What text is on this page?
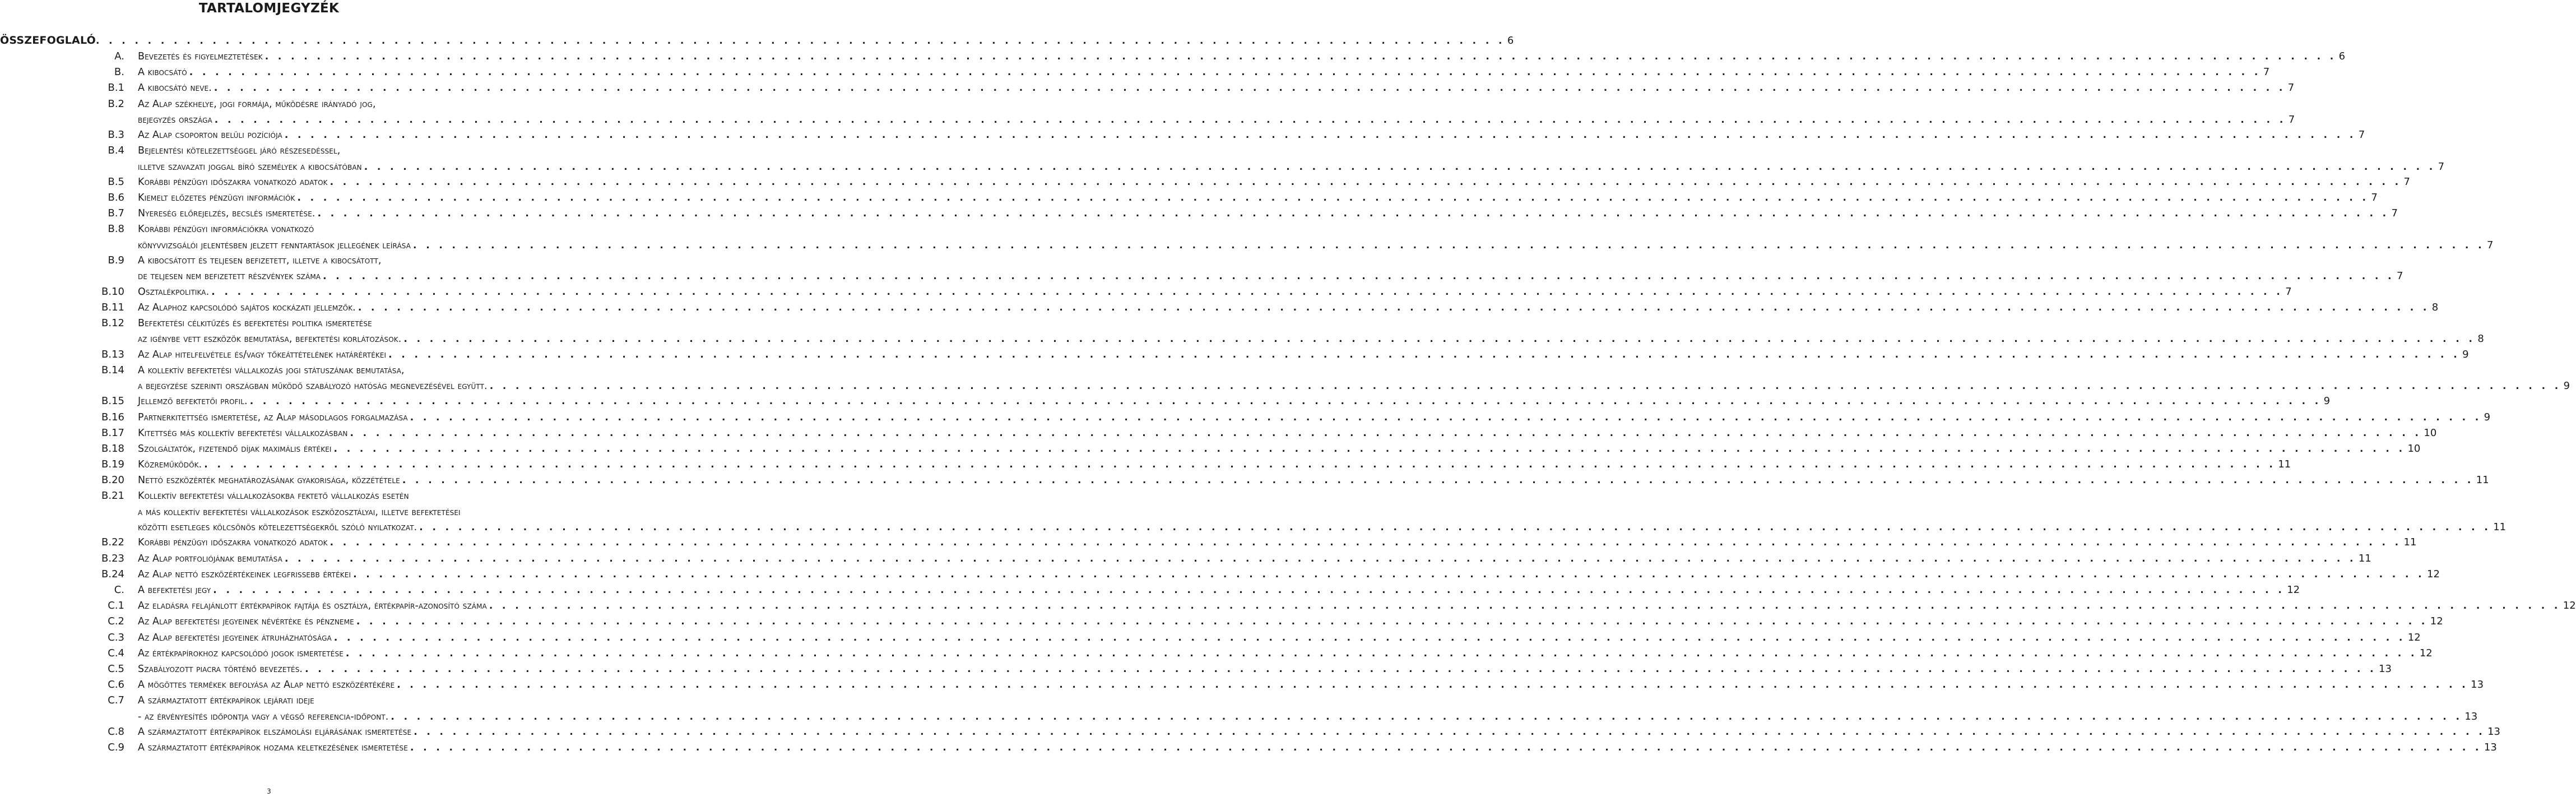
TARTALOMJEGYZÉK
ÖSSZEFOGLALÓ . . . . . . . . . . . . . . . . . . . . . . . . . . . . . . . . . . . . . . . . . . . . . . . . . . . . . . . . . . . . . . . . . . . . . . . . . . . . . . . . . . . . . . . . . . . . . . . . . . . . . . . . . . . . . 6
A. Bevezetés és figyelmeztetések . . . . . . . . . . . . . . . . . . . . . . . . . . . . . . . . . . . . . . . . . . . . . . . . . . . . . . . . . . . . . . . . . . . . . . . . . . . . . . . . . . . . . . . . . . . . . . . . . . . . . . . . . . . . . . . . . . . . . . . . . . . . . . . . . . . . . . . . . . . . . . . . . . . . . . . . . . . . . . . . 6
B. A kibocsátó . . . . . . . . . . . . . . . . . . . . . . . . . . . . . . . . . . . . . . . . . . . . . . . . . . . . . . . . . . . . . . . . . . . . . . . . . . . . . . . . . . . . . . . . . . . . . . . . . . . . . . . . . . . . . . . . . . . . . . . . . . . . . . . . . . . . . . . . . . . . . . . . . . . . . . . . . . . . . . . . 7
B.1 A kibocsátó neve. . . . . . . . . . . . . . . . . . . . . . . . . . . . . . . . . . . . . . . . . . . . . . . . . . . . . . . . . . . . . . . . . . . . . . . . . . . . . . . . . . . . . . . . . . . . . . . . . . . . . . . . . . . . . . . . . . . . . . . . . . . . . . . . . . . . . . . . . . . . . . . . . . . . . . . . . . . . . . . . . 7
B.2 Az Alap székhelye, jogi formája, működésre irányadó jog,
bejegyzés országa . . . . . . . . . . . . . . . . . . . . . . . . . . . . . . . . . . . . . . . . . . . . . . . . . . . . . . . . . . . . . . . . . . . . . . . . . . . . . . . . . . . . . . . . . . . . . . . . . . . . . . . . . . . . . . . . . . . . . . . . . . . . . . . . . . . . . . . . . . . . . . . . . . . . . . . . . . . . . . . . 7
B.3 Az Alap csoporton belüli pozíciója . . . . . . . . . . . . . . . . . . . . . . . . . . . . . . . . . . . . . . . . . . . . . . . . . . . . . . . . . . . . . . . . . . . . . . . . . . . . . . . . . . . . . . . . . . . . . . . . . . . . . . . . . . . . . . . . . . . . . . . . . . . . . . . . . . . . . . . . . . . . . . . . . . . . . . . . . . . . . . . . 7
B.4 Bejelentési kötelezettséggel járó részesedéssel,
illetve szavazati joggal bíró személyek a kibocsátóban . . . . . . . . . . . . . . . . . . . . . . . . . . . . . . . . . . . . . . . . . . . . . . . . . . . . . . . . . . . . . . . . . . . . . . . . . . . . . . . . . . . . . . . . . . . . . . . . . . . . . . . . . . . . . . . . . . . . . . . . . . . . . . . . . . . . . . . . . . . . . . . . . . . . . . . . . . . . . . . . 7
B.5 Korábbi pénzügyi időszakra vonatkozó adatok . . . . . . . . . . . . . . . . . . . . . . . . . . . . . . . . . . . . . . . . . . . . . . . . . . . . . . . . . . . . . . . . . . . . . . . . . . . . . . . . . . . . . . . . . . . . . . . . . . . . . . . . . . . . . . . . . . . . . . . . . . . . . . . . . . . . . . . . . . . . . . . . . . . . . . . . . . . . . . . . 7
B.6 Kiemelt előzetes pénzügyi információk . . . . . . . . . . . . . . . . . . . . . . . . . . . . . . . . . . . . . . . . . . . . . . . . . . . . . . . . . . . . . . . . . . . . . . . . . . . . . . . . . . . . . . . . . . . . . . . . . . . . . . . . . . . . . . . . . . . . . . . . . . . . . . . . . . . . . . . . . . . . . . . . . . . . . . . . . . . . . . . . 7
B.7 Nyereség előrejelzés, becslés ismertetése. . . . . . . . . . . . . . . . . . . . . . . . . . . . . . . . . . . . . . . . . . . . . . . . . . . . . . . . . . . . . . . . . . . . . . . . . . . . . . . . . . . . . . . . . . . . . . . . . . . . . . . . . . . . . . . . . . . . . . . . . . . . . . . . . . . . . . . . . . . . . . . . . . . . . . . . . . . . . . . . . 7
B.8 Korábbi pénzügyi információkra vonatkozó
könyvvizsgálói jelentésben jelzett fenntartások jellegének leírása . . . . . . . . . . . . . . . . . . . . . . . . . . . . . . . . . . . . . . . . . . . . . . . . . . . . . . . . . . . . . . . . . . . . . . . . . . . . . . . . . . . . . . . . . . . . . . . . . . . . . . . . . . . . . . . . . . . . . . . . . . . . . . . . . . . . . . . . . . . . . . . . . . . . . . . . . . . . . . . . 7
B.9 A kibocsátott és teljesen befizetett, illetve a kibocsátott,
de teljesen nem befizetett részvények száma . . . . . . . . . . . . . . . . . . . . . . . . . . . . . . . . . . . . . . . . . . . . . . . . . . . . . . . . . . . . . . . . . . . . . . . . . . . . . . . . . . . . . . . . . . . . . . . . . . . . . . . . . . . . . . . . . . . . . . . . . . . . . . . . . . . . . . . . . . . . . . . . . . . . . . . . . . . . . . . . 7
B.10 Osztalékpolitika. . . . . . . . . . . . . . . . . . . . . . . . . . . . . . . . . . . . . . . . . . . . . . . . . . . . . . . . . . . . . . . . . . . . . . . . . . . . . . . . . . . . . . . . . . . . . . . . . . . . . . . . . . . . . . . . . . . . . . . . . . . . . . . . . . . . . . . . . . . . . . . . . . . . . . . . . . . . . . . . . 7
B.11 Az Alaphoz kapcsolódó sajátos kockázati jellemzők. . . . . . . . . . . . . . . . . . . . . . . . . . . . . . . . . . . . . . . . . . . . . . . . . . . . . . . . . . . . . . . . . . . . . . . . . . . . . . . . . . . . . . . . . . . . . . . . . . . . . . . . . . . . . . . . . . . . . . . . . . . . . . . . . . . . . . . . . . . . . . . . . . . . . . . . . . . . . . . . . 8
B.12 Befektetési célkitűzés és befektetési politika ismertetése
az igénybe vett eszközök bemutatása, befektetési korlátozások. . . . . . . . . . . . . . . . . . . . . . . . . . . . . . . . . . . . . . . . . . . . . . . . . . . . . . . . . . . . . . . . . . . . . . . . . . . . . . . . . . . . . . . . . . . . . . . . . . . . . . . . . . . . . . . . . . . . . . . . . . . . . . . . . . . . . . . . . . . . . . . . . . . . . . . . . . . . . . . . . 8
B.13 Az Alap hitelfelvétele és/vagy tőkeáttételének határértékei . . . . . . . . . . . . . . . . . . . . . . . . . . . . . . . . . . . . . . . . . . . . . . . . . . . . . . . . . . . . . . . . . . . . . . . . . . . . . . . . . . . . . . . . . . . . . . . . . . . . . . . . . . . . . . . . . . . . . . . . . . . . . . . . . . . . . . . . . . . . . . . . . . . . . . . . . . . . . . . . 9
B.14 A kollektív befektetési vállalkozás jogi státuszának bemutatása,
a bejegyzése szerinti országban működő szabályozó hatóság megnevezésével együtt. . . . . . . . . . . . . . . . . . . . . . . . . . . . . . . . . . . . . . . . . . . . . . . . . . . . . . . . . . . . . . . . . . . . . . . . . . . . . . . . . . . . . . . . . . . . . . . . . . . . . . . . . . . . . . . . . . . . . . . . . . . . . . . . . . . . . . . . . . . . . . . . . . . . . . . . . . . . . . . . . 9
B.15 Jellemző befektetői profil. . . . . . . . . . . . . . . . . . . . . . . . . . . . . . . . . . . . . . . . . . . . . . . . . . . . . . . . . . . . . . . . . . . . . . . . . . . . . . . . . . . . . . . . . . . . . . . . . . . . . . . . . . . . . . . . . . . . . . . . . . . . . . . . . . . . . . . . . . . . . . . . . . . . . . . . . . . . . . . . . 9
B.16 Partnerkitettség ismertetése, az Alap másodlagos forgalmazása . . . . . . . . . . . . . . . . . . . . . . . . . . . . . . . . . . . . . . . . . . . . . . . . . . . . . . . . . . . . . . . . . . . . . . . . . . . . . . . . . . . . . . . . . . . . . . . . . . . . . . . . . . . . . . . . . . . . . . . . . . . . . . . . . . . . . . . . . . . . . . . . . . . . . . . . . . . . . . . . 9
B.17 Kitettség más kollektív befektetési vállalkozásban . . . . . . . . . . . . . . . . . . . . . . . . . . . . . . . . . . . . . . . . . . . . . . . . . . . . . . . . . . . . . . . . . . . . . . . . . . . . . . . . . . . . . . . . . . . . . . . . . . . . . . . . . . . . . . . . . . . . . . . . . . . . . . . . . . . . . . . . . . . . . . . . . . . . . . . . . . . . . . . . 10
B.18 Szolgáltatók, fizetendő díjak maximális értékei . . . . . . . . . . . . . . . . . . . . . . . . . . . . . . . . . . . . . . . . . . . . . . . . . . . . . . . . . . . . . . . . . . . . . . . . . . . . . . . . . . . . . . . . . . . . . . . . . . . . . . . . . . . . . . . . . . . . . . . . . . . . . . . . . . . . . . . . . . . . . . . . . . . . . . . . . . . . . . . . 10
B.19 Közreműködők. . . . . . . . . . . . . . . . . . . . . . . . . . . . . . . . . . . . . . . . . . . . . . . . . . . . . . . . . . . . . . . . . . . . . . . . . . . . . . . . . . . . . . . . . . . . . . . . . . . . . . . . . . . . . . . . . . . . . . . . . . . . . . . . . . . . . . . . . . . . . . . . . . . . . . . . . . . . . . . . . 11
B.20 Nettó eszközérték meghatározásának gyakorisága, közzététele . . . . . . . . . . . . . . . . . . . . . . . . . . . . . . . . . . . . . . . . . . . . . . . . . . . . . . . . . . . . . . . . . . . . . . . . . . . . . . . . . . . . . . . . . . . . . . . . . . . . . . . . . . . . . . . . . . . . . . . . . . . . . . . . . . . . . . . . . . . . . . . . . . . . . . . . . . . . . . . . 11
B.21 Kollektív befektetési vállalkozásokba fektető vállalkozás esetén
a más kollektív befektetési vállalkozások eszközosztályai, illetve befektetései
közötti esetleges kölcsönös kötelezettségekről szóló nyilatkozat. . . . . . . . . . . . . . . . . . . . . . . . . . . . . . . . . . . . . . . . . . . . . . . . . . . . . . . . . . . . . . . . . . . . . . . . . . . . . . . . . . . . . . . . . . . . . . . . . . . . . . . . . . . . . . . . . . . . . . . . . . . . . . . . . . . . . . . . . . . . . . . . . . . . . . . . . . . . . . . . . 11
B.22 Korábbi pénzügyi időszakra vonatkozó adatok . . . . . . . . . . . . . . . . . . . . . . . . . . . . . . . . . . . . . . . . . . . . . . . . . . . . . . . . . . . . . . . . . . . . . . . . . . . . . . . . . . . . . . . . . . . . . . . . . . . . . . . . . . . . . . . . . . . . . . . . . . . . . . . . . . . . . . . . . . . . . . . . . . . . . . . . . . . . . . . . 11
B.23 Az Alap portfoliójának bemutatása . . . . . . . . . . . . . . . . . . . . . . . . . . . . . . . . . . . . . . . . . . . . . . . . . . . . . . . . . . . . . . . . . . . . . . . . . . . . . . . . . . . . . . . . . . . . . . . . . . . . . . . . . . . . . . . . . . . . . . . . . . . . . . . . . . . . . . . . . . . . . . . . . . . . . . . . . . . . . . . . 11
B.24 Az Alap nettó eszközértékeinek legfrissebb értékei . . . . . . . . . . . . . . . . . . . . . . . . . . . . . . . . . . . . . . . . . . . . . . . . . . . . . . . . . . . . . . . . . . . . . . . . . . . . . . . . . . . . . . . . . . . . . . . . . . . . . . . . . . . . . . . . . . . . . . . . . . . . . . . . . . . . . . . . . . . . . . . . . . . . . . . . . . . . . . . . 12
C. A befektetési jegy . . . . . . . . . . . . . . . . . . . . . . . . . . . . . . . . . . . . . . . . . . . . . . . . . . . . . . . . . . . . . . . . . . . . . . . . . . . . . . . . . . . . . . . . . . . . . . . . . . . . . . . . . . . . . . . . . . . . . . . . . . . . . . . . . . . . . . . . . . . . . . . . . . . . . . . . . . . . . . . . 12
C.1 Az eladásra felajánlott értékpapírok fajtája és osztálya, értékpapír-azonosító száma . . . . . . . . . . . . . . . . . . . . . . . . . . . . . . . . . . . . . . . . . . . . . . . . . . . . . . . . . . . . . . . . . . . . . . . . . . . . . . . . . . . . . . . . . . . . . . . . . . . . . . . . . . . . . . . . . . . . . . . . . . . . . . . . . . . . . . . . . . . . . . . . . . . . . . . . . . . . . . . . 12
C.2 Az Alap befektetési jegyeinek névértéke és pénzneme . . . . . . . . . . . . . . . . . . . . . . . . . . . . . . . . . . . . . . . . . . . . . . . . . . . . . . . . . . . . . . . . . . . . . . . . . . . . . . . . . . . . . . . . . . . . . . . . . . . . . . . . . . . . . . . . . . . . . . . . . . . . . . . . . . . . . . . . . . . . . . . . . . . . . . . . . . . . . . . . 12
C.3 Az Alap befektetési jegyeinek átruházhatósága . . . . . . . . . . . . . . . . . . . . . . . . . . . . . . . . . . . . . . . . . . . . . . . . . . . . . . . . . . . . . . . . . . . . . . . . . . . . . . . . . . . . . . . . . . . . . . . . . . . . . . . . . . . . . . . . . . . . . . . . . . . . . . . . . . . . . . . . . . . . . . . . . . . . . . . . . . . . . . . . 12
C.4 Az értékpapírokhoz kapcsolódó jogok ismertetése . . . . . . . . . . . . . . . . . . . . . . . . . . . . . . . . . . . . . . . . . . . . . . . . . . . . . . . . . . . . . . . . . . . . . . . . . . . . . . . . . . . . . . . . . . . . . . . . . . . . . . . . . . . . . . . . . . . . . . . . . . . . . . . . . . . . . . . . . . . . . . . . . . . . . . . . . . . . . . . . 12
C.5 Szabályozott piacra történő bevezetés. . . . . . . . . . . . . . . . . . . . . . . . . . . . . . . . . . . . . . . . . . . . . . . . . . . . . . . . . . . . . . . . . . . . . . . . . . . . . . . . . . . . . . . . . . . . . . . . . . . . . . . . . . . . . . . . . . . . . . . . . . . . . . . . . . . . . . . . . . . . . . . . . . . . . . . . . . . . . . . . . 13
C.6 A mögöttes termékek befolyása az Alap nettó eszközértékére . . . . . . . . . . . . . . . . . . . . . . . . . . . . . . . . . . . . . . . . . . . . . . . . . . . . . . . . . . . . . . . . . . . . . . . . . . . . . . . . . . . . . . . . . . . . . . . . . . . . . . . . . . . . . . . . . . . . . . . . . . . . . . . . . . . . . . . . . . . . . . . . . . . . . . . . . . . . . . . . 13
C.7 A származtatott értékpapírok lejárati ideje
- az érvényesítés időpontja vagy a végső referencia-időpont. . . . . . . . . . . . . . . . . . . . . . . . . . . . . . . . . . . . . . . . . . . . . . . . . . . . . . . . . . . . . . . . . . . . . . . . . . . . . . . . . . . . . . . . . . . . . . . . . . . . . . . . . . . . . . . . . . . . . . . . . . . . . . . . . . . . . . . . . . . . . . . . . . . . . . . . . . . . . . . . . 13
C.8 A származtatott értékpapírok elszámolási eljárásának ismertetése . . . . . . . . . . . . . . . . . . . . . . . . . . . . . . . . . . . . . . . . . . . . . . . . . . . . . . . . . . . . . . . . . . . . . . . . . . . . . . . . . . . . . . . . . . . . . . . . . . . . . . . . . . . . . . . . . . . . . . . . . . . . . . . . . . . . . . . . . . . . . . . . . . . . . . . . . . . . . . . . 13
C.9 A származtatott értékpapírok hozama keletkezésének ismertetése . . . . . . . . . . . . . . . . . . . . . . . . . . . . . . . . . . . . . . . . . . . . . . . . . . . . . . . . . . . . . . . . . . . . . . . . . . . . . . . . . . . . . . . . . . . . . . . . . . . . . . . . . . . . . . . . . . . . . . . . . . . . . . . . . . . . . . . . . . . . . . . . . . . . . . . . . . . . . . . . 13
3
